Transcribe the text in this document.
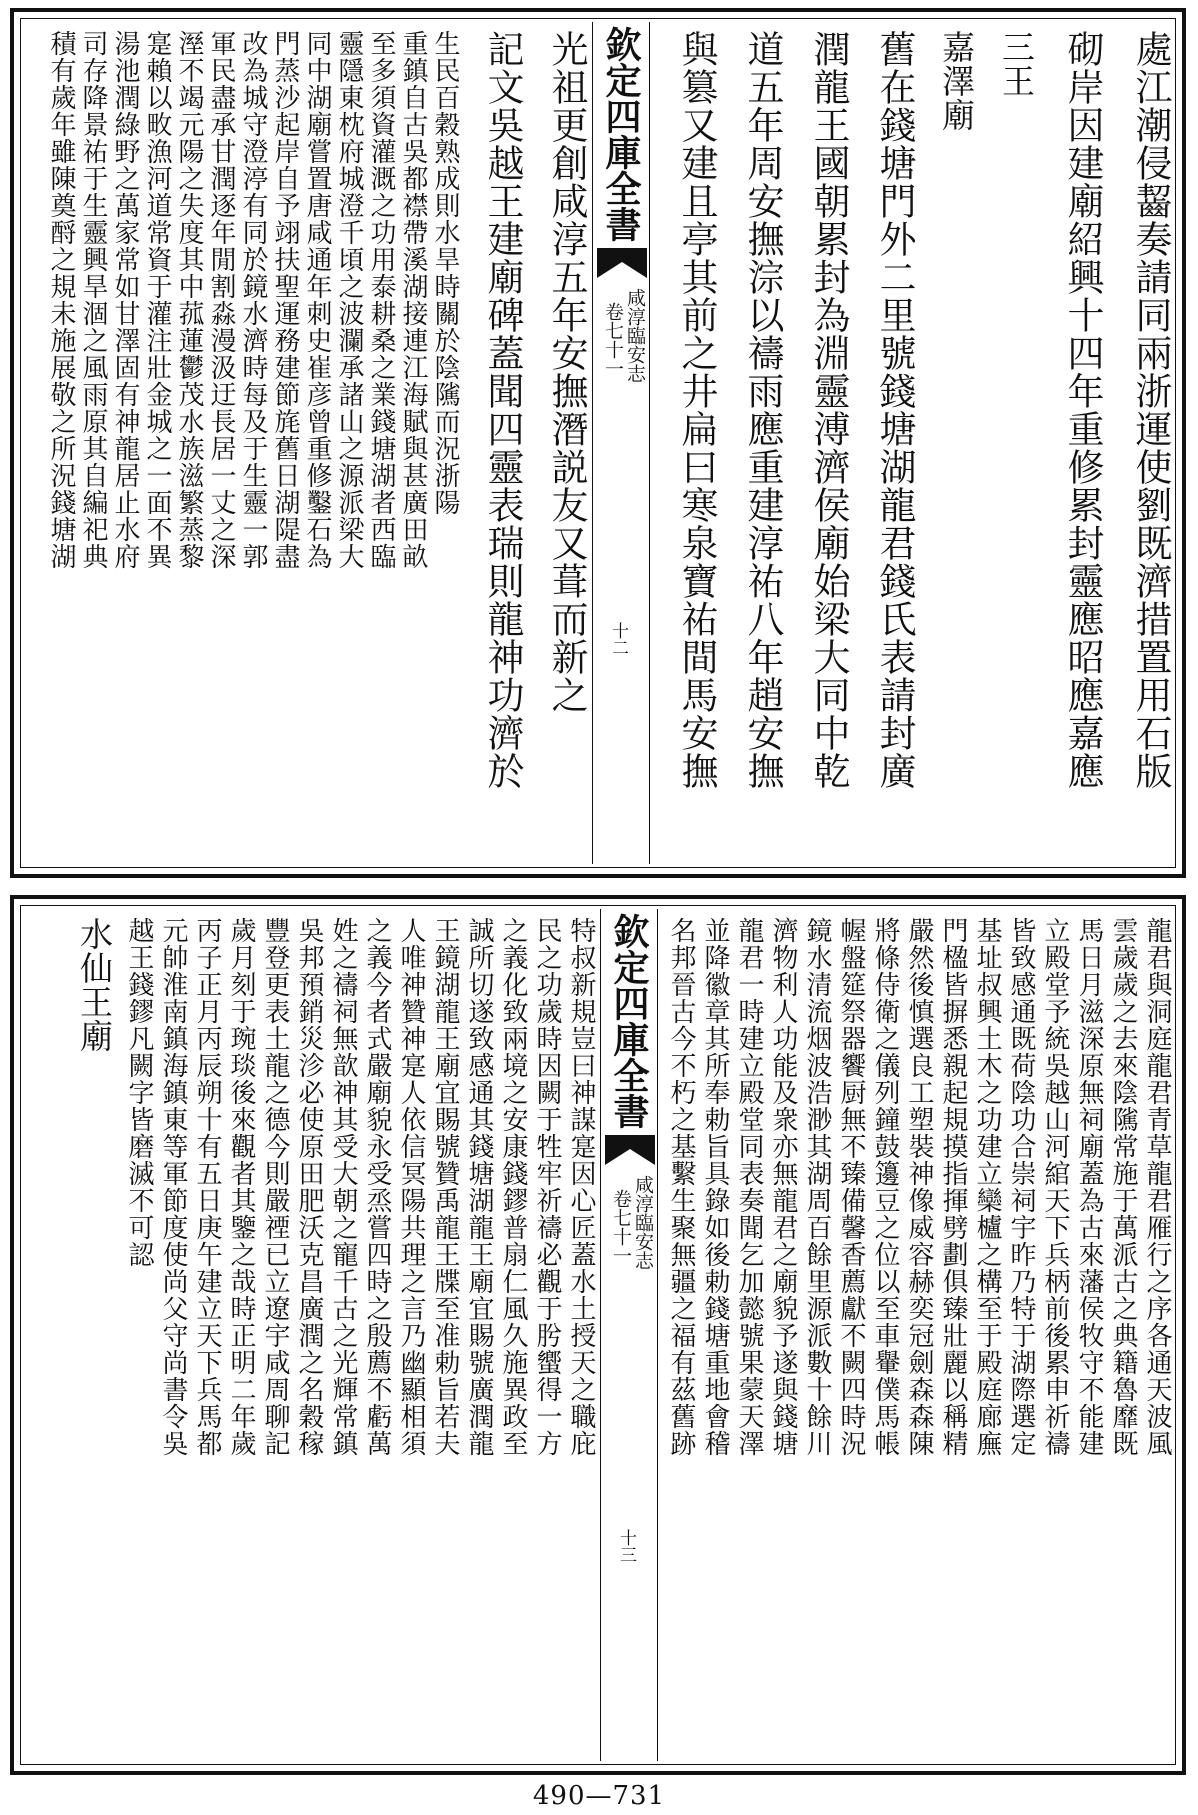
處江潮侵齧奏請同兩浙運使劉既濟措置用石版
砌岸因建廟紹興十四年重修累封靈應昭應嘉應
三王
嘉澤廟
舊在錢塘門外二里號錢塘湖龍君錢氏表請封廣
潤龍王國朝累封為淵靈溥濟侯廟始梁大同中乾
道五年周安撫淙以禱雨應重建淳祐八年趙安撫
與篡又建且亭其前之井扁曰寒泉寶祐間馬安撫
欽定四庫全書
咸淳臨安志
卷七十一
十二
光祖更創咸淳五年安撫潛説友又葺而新之
記文吳越王建廟碑蓋聞四靈表瑞則龍神功濟於
生民百穀熟成則水旱時關於陰隲而況浙陽
重鎮自古吳都襟帶溪湖接連江海賦與甚廣田畝
至多須資灌溉之功用泰耕桑之業錢塘湖者西臨
靈隱東枕府城澄千頃之波瀾承諸山之源派梁大
同中湖廟嘗置唐咸通年刺史崔彦曾重修鑿石為
門蒸沙起岸自予翊扶聖運務建節旄舊日湖隄盡
改為城守澄渟有同於鏡水濟時每及于生靈一郭
軍民盡承甘潤逐年閒割淼漫汲迂長居一丈之深
溼不竭元陽之失度其中菰蓮鬱茂水族滋繁蒸黎
寔賴以畋漁河道常資于灌注壯金城之一面不異
湯池潤綠野之萬家常如甘澤固有神龍居止水府
司存降景祐于生靈興旱涸之風雨原其自編祀典
積有歲年雖陳奠酹之規未施展敬之所況錢塘湖
龍君與洞庭龍君青草龍君雁行之序各通天波風
雲歲歲之去來陰隲常施于萬派古之典籍魯靡既
馬日月滋深原無祠廟蓋為古來藩侯牧守不能建
立殿堂予統吳越山河綰天下兵柄前後累申祈禱
皆致感通既荷陰功合崇祠宇昨乃特于湖際選定
基址叔興土木之功建立欒櫨之構至于殿庭廊廡
門楹皆摒悉親起規摸指揮劈劃俱臻壯麗以稱精
嚴然後慎選良工塑裝神像威容赫奕冠劍森森陳
將條侍衛之儀列鐘鼓籩豆之位以至車轝僕馬帳
幄盤筵祭器饗厨無不臻備馨香薦獻不闕四時況
鏡水清流烟波浩渺其湖周百餘里源派數十餘川
濟物利人功能及衆亦無龍君之廟貌予遂與錢塘
龍君一時建立殿堂同表奏聞乞加懿號果蒙天澤
並降徽章其所奉勅旨具錄如後勅錢塘重地會稽
名邦晉古今不朽之基繫生聚無疆之福有茲舊跡
欽定四庫全書
咸淳臨安志
卷七十一
十三
特叔新規豈曰神謀寔因心匠蓋水土授天之職庇
民之功歲時因闕于牲牢祈禱必觀于肹蠁得一方
之義化致兩境之安康錢鏐普扇仁風久施異政至
誠所切遂致感通其錢塘湖龍王廟宜賜號廣潤龍
王鏡湖龍王廟宜賜號贊禹龍王牒至准勅旨若夫
人唯神贊神寔人依信冥陽共理之言乃幽顯相須
之義今者式嚴廟貌永受烝嘗四時之殷薦不虧萬
姓之禱祠無歆神其受大朝之寵千古之光輝常鎮
吳邦預銷災沴必使原田肥沃克昌廣潤之名穀稼
豐登更表土龍之德今則嚴禋已立遼宇咸周聊記
歲月刻于琬琰後來觀者其鑒之哉時正明二年歲
丙子正月丙辰朔十有五日庚午建立天下兵馬都
元帥淮南鎮海鎮東等軍節度使尚父守尚書令吳
越王錢鏐凡闕字皆磨滅不可認
水仙王廟
490—731
